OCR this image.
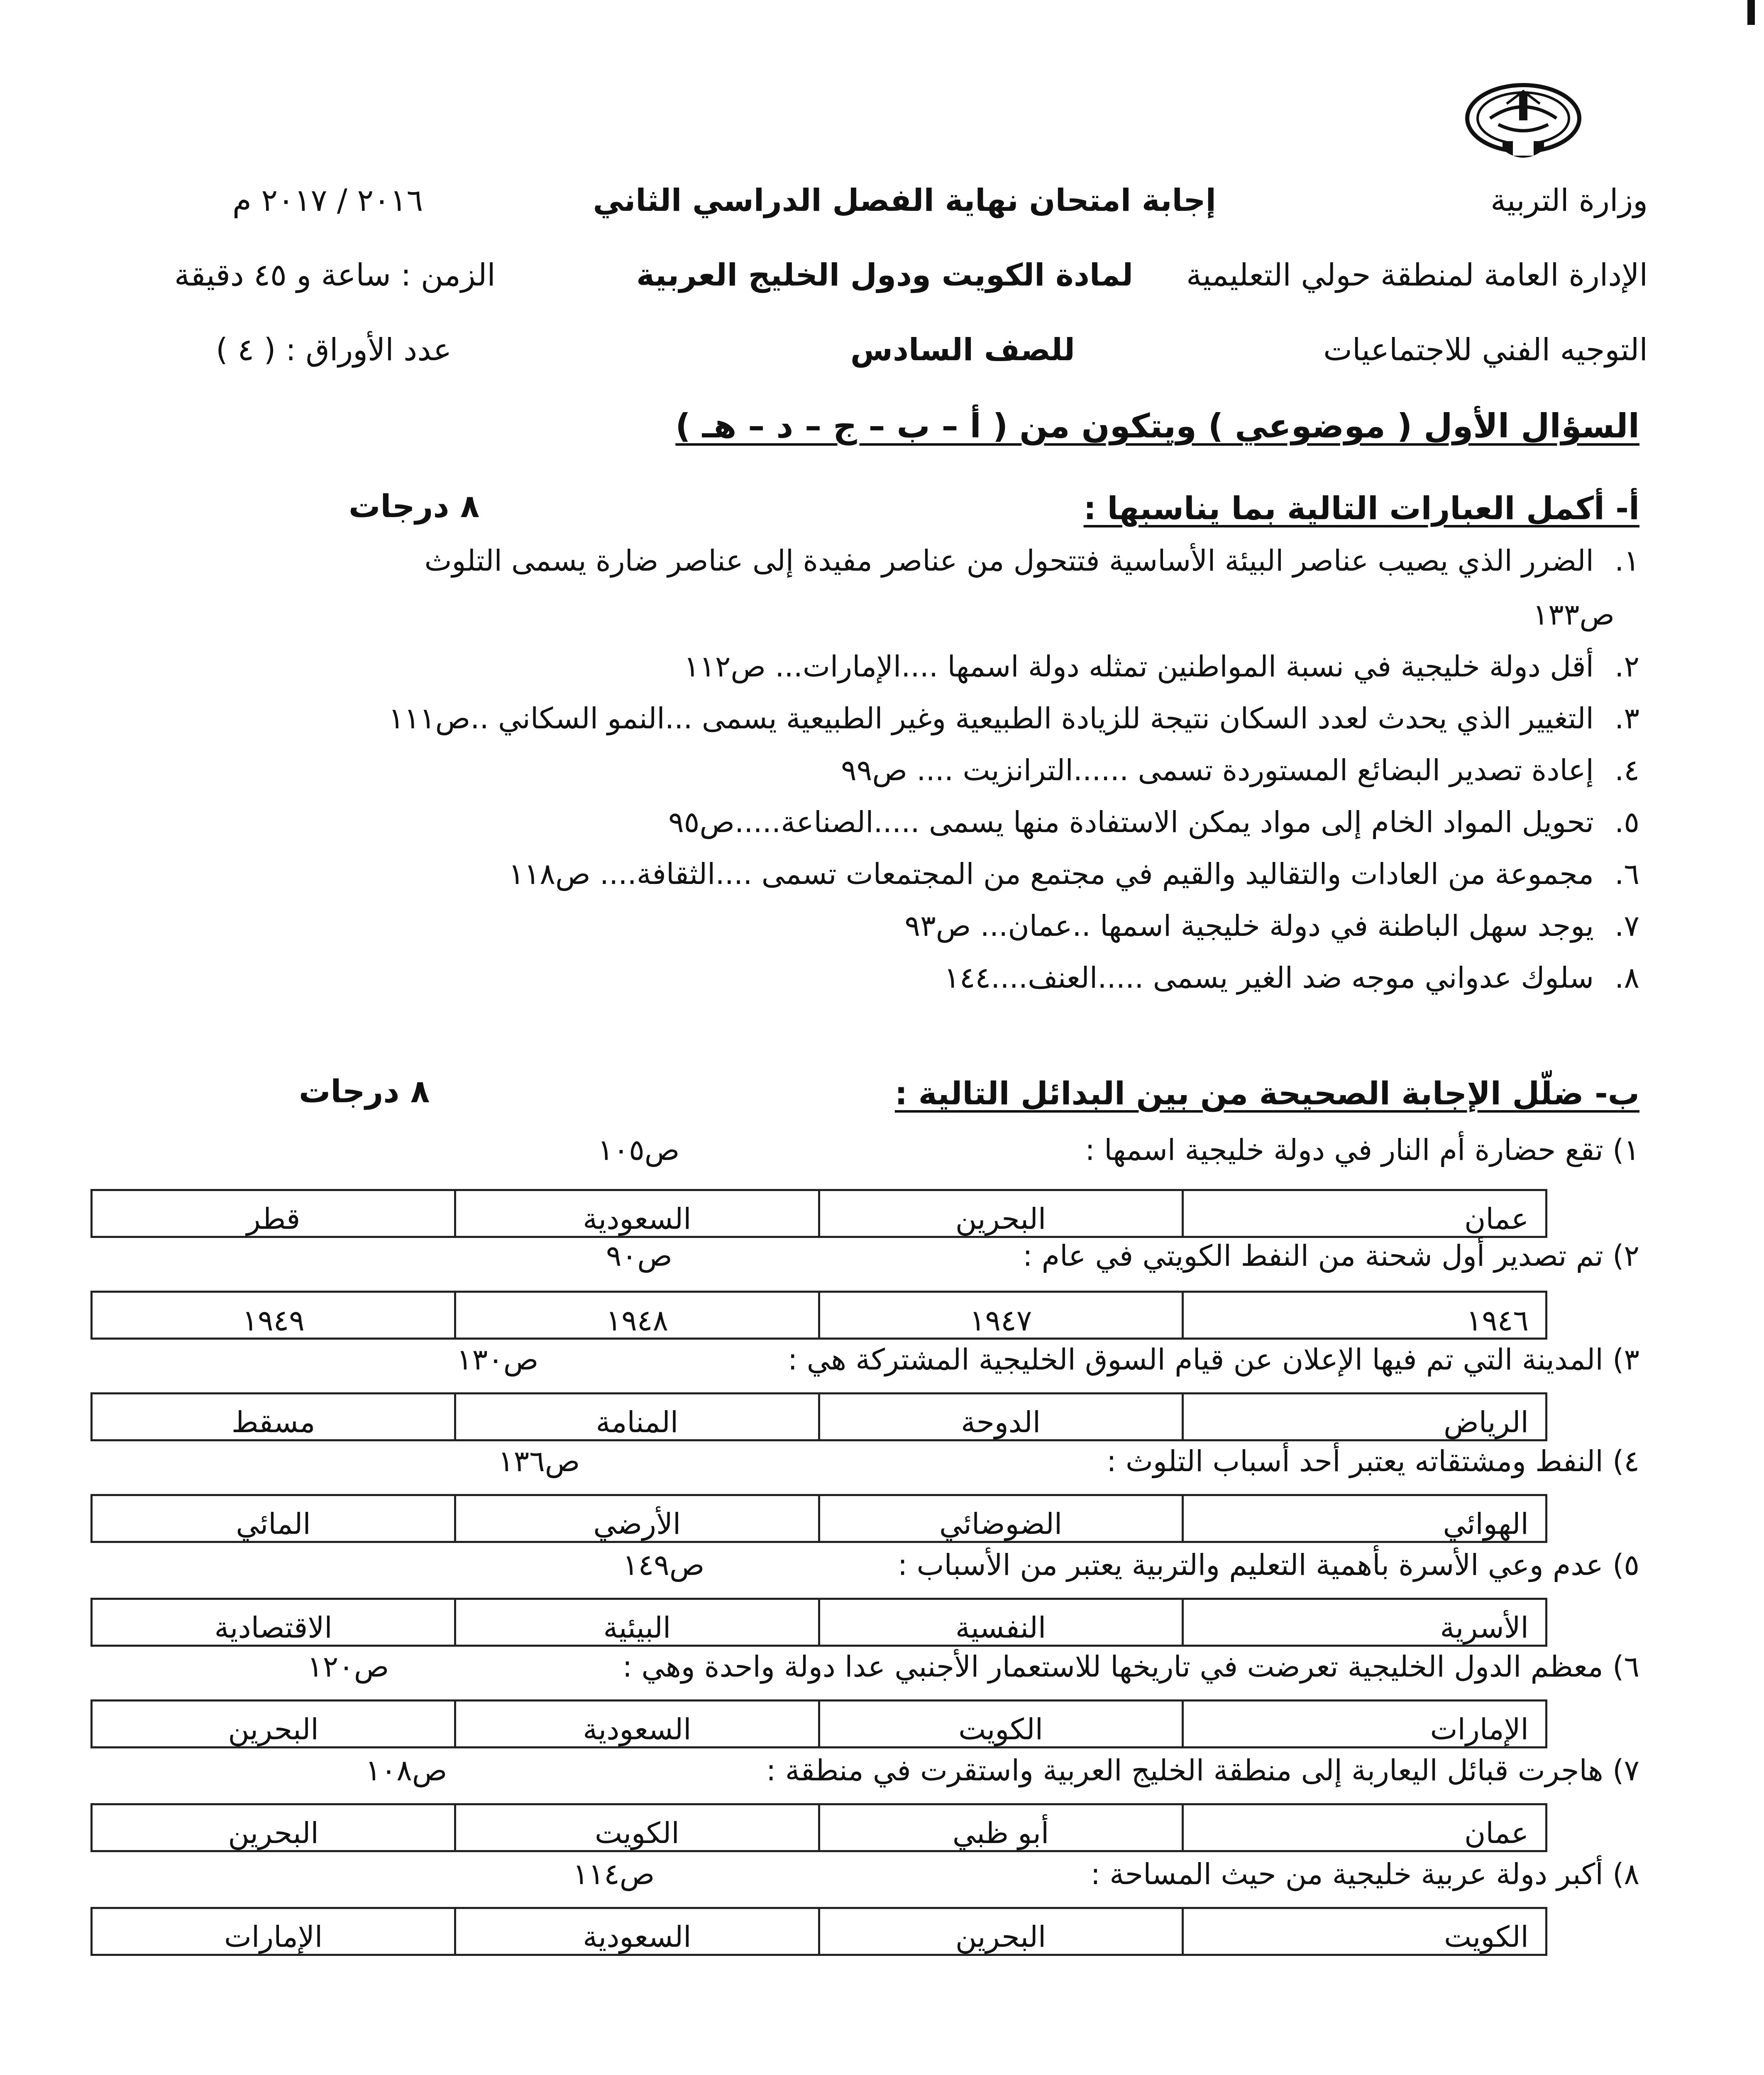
وزارة التربية
الإدارة العامة لمنطقة حولي التعليمية
التوجيه الفني للاجتماعيات
إجابة امتحان نهاية الفصل الدراسي الثاني
لمادة الكويت ودول الخليج العربية
للصف السادس
٢٠١٦ / ٢٠١٧ م
الزمن : ساعة و ٤٥ دقيقة
عدد الأوراق : ( ٤ )
السؤال الأول ( موضوعي ) ويتكون من ( أ – ب – ج – د – هـ )
أ- أكمل العبارات التالية بما يناسبها :
٨ درجات
١.الضرر الذي يصيب عناصر البيئة الأساسية فتتحول من عناصر مفيدة إلى عناصر ضارة يسمى التلوث
ص١٣٣
٢.أقل دولة خليجية في نسبة المواطنين تمثله دولة اسمها ....الإمارات... ص١١٢
٣.التغيير الذي يحدث لعدد السكان نتيجة للزيادة الطبيعية وغير الطبيعية يسمى ...النمو السكاني ..ص١١١
٤.إعادة تصدير البضائع المستوردة تسمى ......الترانزيت .... ص٩٩
٥.تحويل المواد الخام إلى مواد يمكن الاستفادة منها يسمى .....الصناعة.....ص٩٥
٦.مجموعة من العادات والتقاليد والقيم في مجتمع من المجتمعات تسمى ....الثقافة.... ص١١٨
٧.يوجد سهل الباطنة في دولة خليجية اسمها ..عمان... ص٩٣
٨.سلوك عدواني موجه ضد الغير يسمى .....العنف....١٤٤
ب- ضلّل الإجابة الصحيحة من بين البدائل التالية :
٨ درجات
١) تقع حضارة أم النار في دولة خليجية اسمها :
ص١٠٥
عمان	البحرين	السعودية	قطر
٢) تم تصدير أول شحنة من النفط الكويتي في عام :
ص٩٠
١٩٤٦	١٩٤٧	١٩٤٨	١٩٤٩
٣) المدينة التي تم فيها الإعلان عن قيام السوق الخليجية المشتركة هي :
ص١٣٠
الرياض	الدوحة	المنامة	مسقط
٤) النفط ومشتقاته يعتبر أحد أسباب التلوث :
ص١٣٦
الهوائي	الضوضائي	الأرضي	المائي
٥) عدم وعي الأسرة بأهمية التعليم والتربية يعتبر من الأسباب :
ص١٤٩
الأسرية	النفسية	البيئية	الاقتصادية
٦) معظم الدول الخليجية تعرضت في تاريخها للاستعمار الأجنبي عدا دولة واحدة وهي :
ص١٢٠
الإمارات	الكويت	السعودية	البحرين
٧) هاجرت قبائل اليعاربة إلى منطقة الخليج العربية واستقرت في منطقة :
ص١٠٨
عمان	أبو ظبي	الكويت	البحرين
٨) أكبر دولة عربية خليجية من حيث المساحة :
ص١١٤
الكويت	البحرين	السعودية	الإمارات
